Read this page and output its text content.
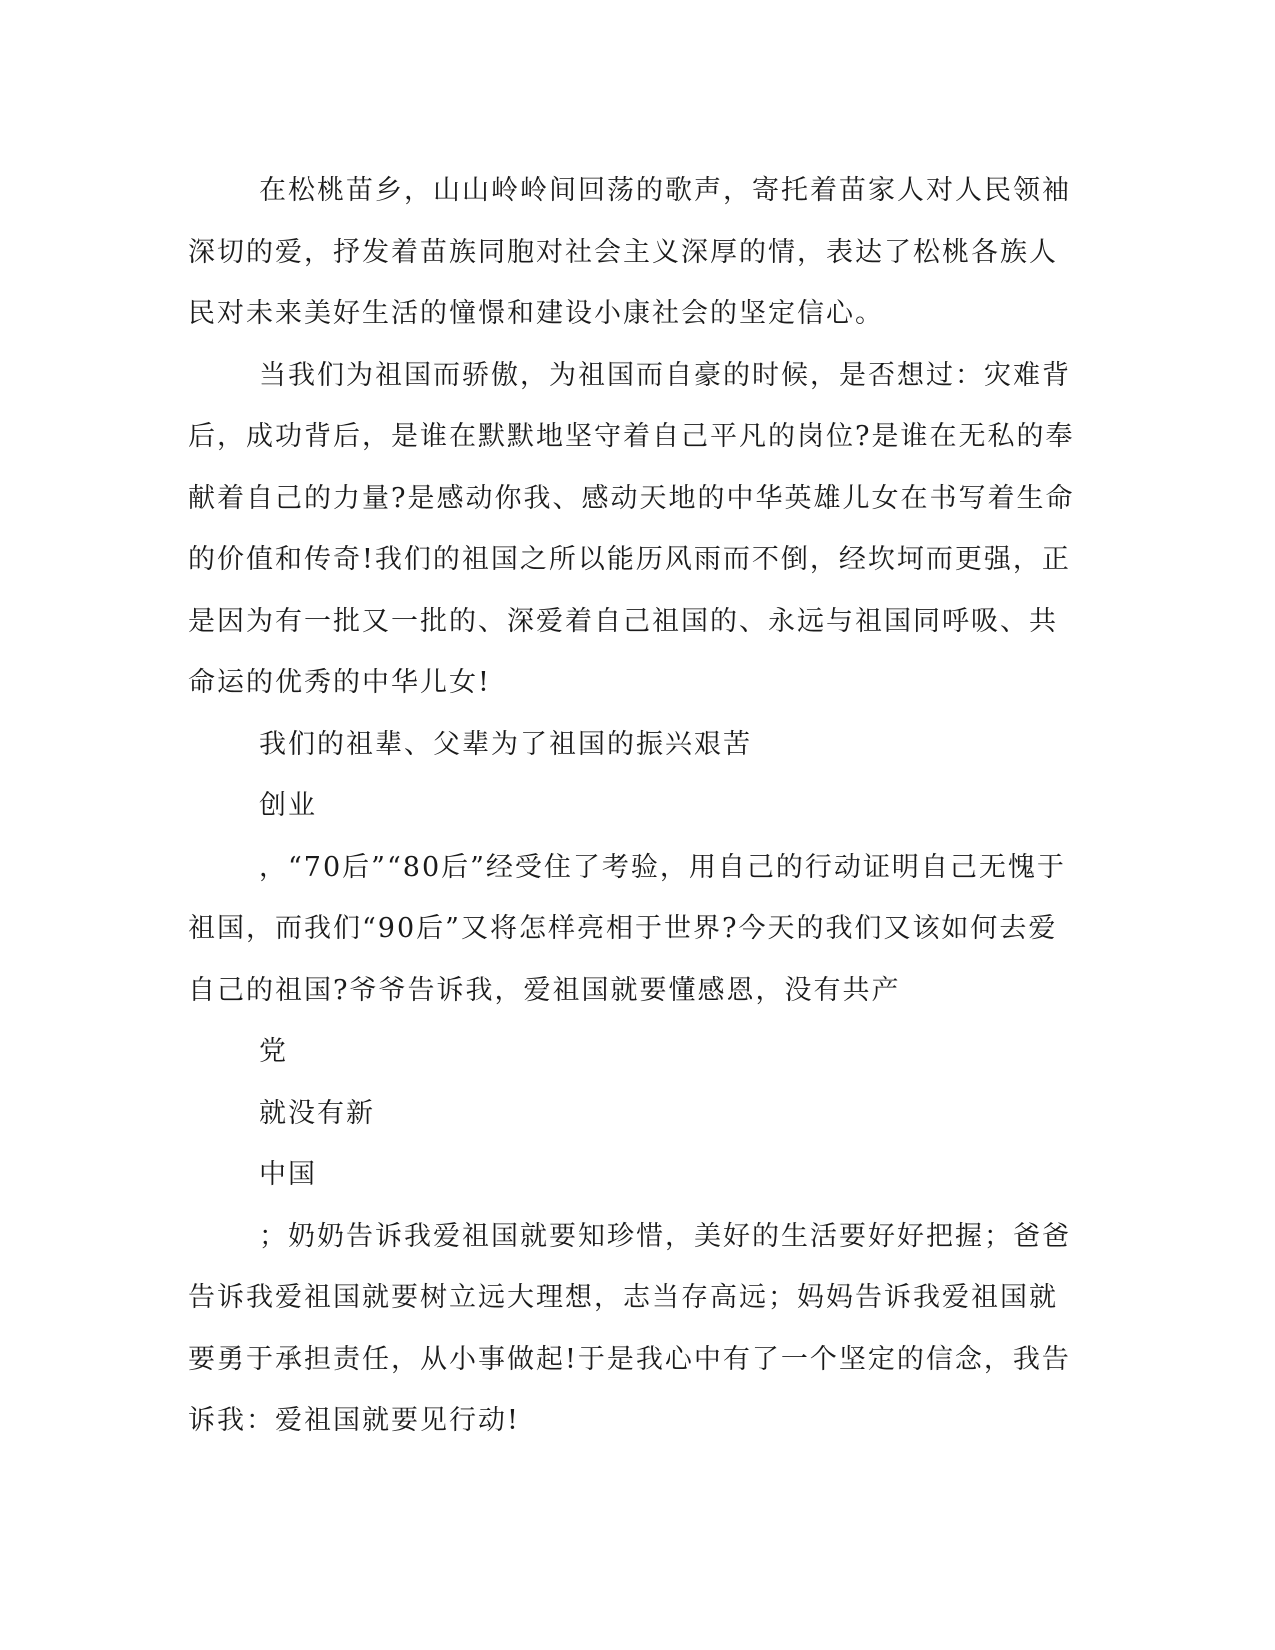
在松桃苗乡，山山岭岭间回荡的歌声，寄托着苗家人对人民领袖深切的爱，抒发着苗族同胞对社会主义深厚的情，表达了松桃各族人民对未来美好生活的憧憬和建设小康社会的坚定信心。

当我们为祖国而骄傲，为祖国而自豪的时候，是否想过：灾难背后，成功背后，是谁在默默地坚守着自己平凡的岗位?是谁在无私的奉献着自己的力量?是感动你我、感动天地的中华英雄儿女在书写着生命的价值和传奇!我们的祖国之所以能历风雨而不倒，经坎坷而更强，正是因为有一批又一批的、深爱着自己祖国的、永远与祖国同呼吸、共命运的优秀的中华儿女!

我们的祖辈、父辈为了祖国的振兴艰苦

创业

，“70后”“80后”经受住了考验，用自己的行动证明自己无愧于祖国，而我们“90后”又将怎样亮相于世界?今天的我们又该如何去爱自己的祖国?爷爷告诉我，爱祖国就要懂感恩，没有共产

党

就没有新

中国

；奶奶告诉我爱祖国就要知珍惜，美好的生活要好好把握；爸爸告诉我爱祖国就要树立远大理想，志当存高远；妈妈告诉我爱祖国就要勇于承担责任，从小事做起!于是我心中有了一个坚定的信念，我告诉我：爱祖国就要见行动!
